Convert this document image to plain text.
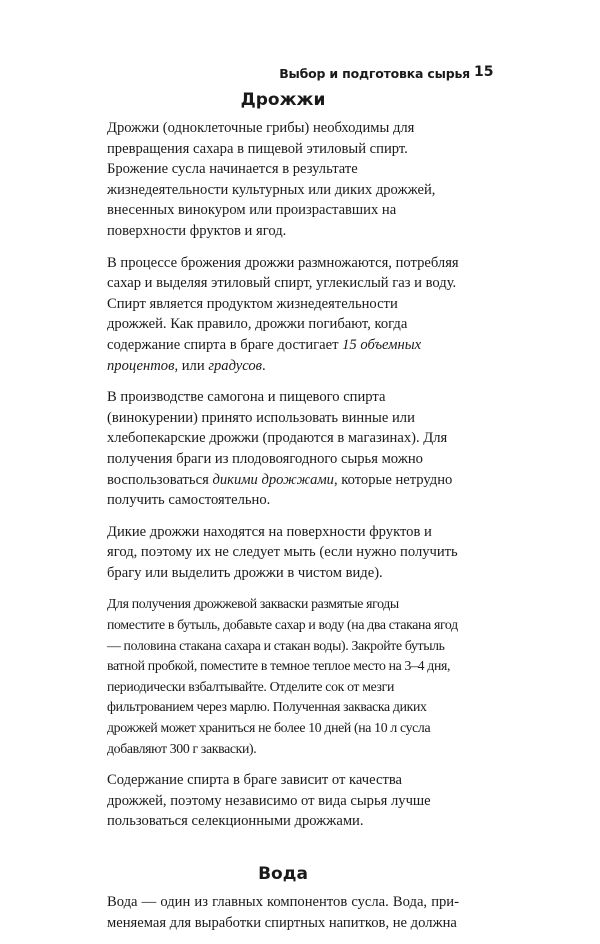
Выбор и подготовка сырья 15
Дрожжи

Дрожжи (одноклеточные грибы) необходимы для превращения сахара в пищевой этиловый спирт. Брожение сусла начинается в результате жизнедеятельности культурных или диких дрожжей, внесенных винокуром или произраставших на поверхности фруктов и ягод.

В процессе брожения дрожжи размножаются, потребляя сахар и выделяя этиловый спирт, углекислый газ и воду. Спирт является продуктом жизнедеятельности дрожжей. Как правило, дрожжи погибают, когда содержание спирта в браге достигает 15 объемных процентов, или градусов.

В производстве самогона и пищевого спирта (винокурении) принято использовать винные или хлебопекарские дрожжи (продаются в магазинах). Для получения браги из плодовоягодного сырья можно воспользоваться дикими дрожжами, которые нетрудно получить самостоятельно.

Дикие дрожжи находятся на поверхности фруктов и ягод, поэтому их не следует мыть (если нужно получить брагу или выделить дрожжи в чистом виде).

Для получения дрожжевой закваски размятые ягоды поместите в бутыль, добавьте сахар и воду (на два стакана ягод — половина стакана сахара и стакан воды). Закройте бутыль ватной пробкой, поместите в темное теплое место на 3–4 дня, периодически взбалтывайте. Отделите сок от мезги фильтрованием через марлю. Полученная закваска диких дрожжей может храниться не более 10 дней (на 10 л сусла добавляют 300 г закваски).

Содержание спирта в браге зависит от качества дрожжей, поэтому независимо от вида сырья лучше пользоваться селекционными дрожжами.

Вода

Вода — один из главных компонентов сусла. Вода, применяемая для выработки спиртных напитков, не должна
